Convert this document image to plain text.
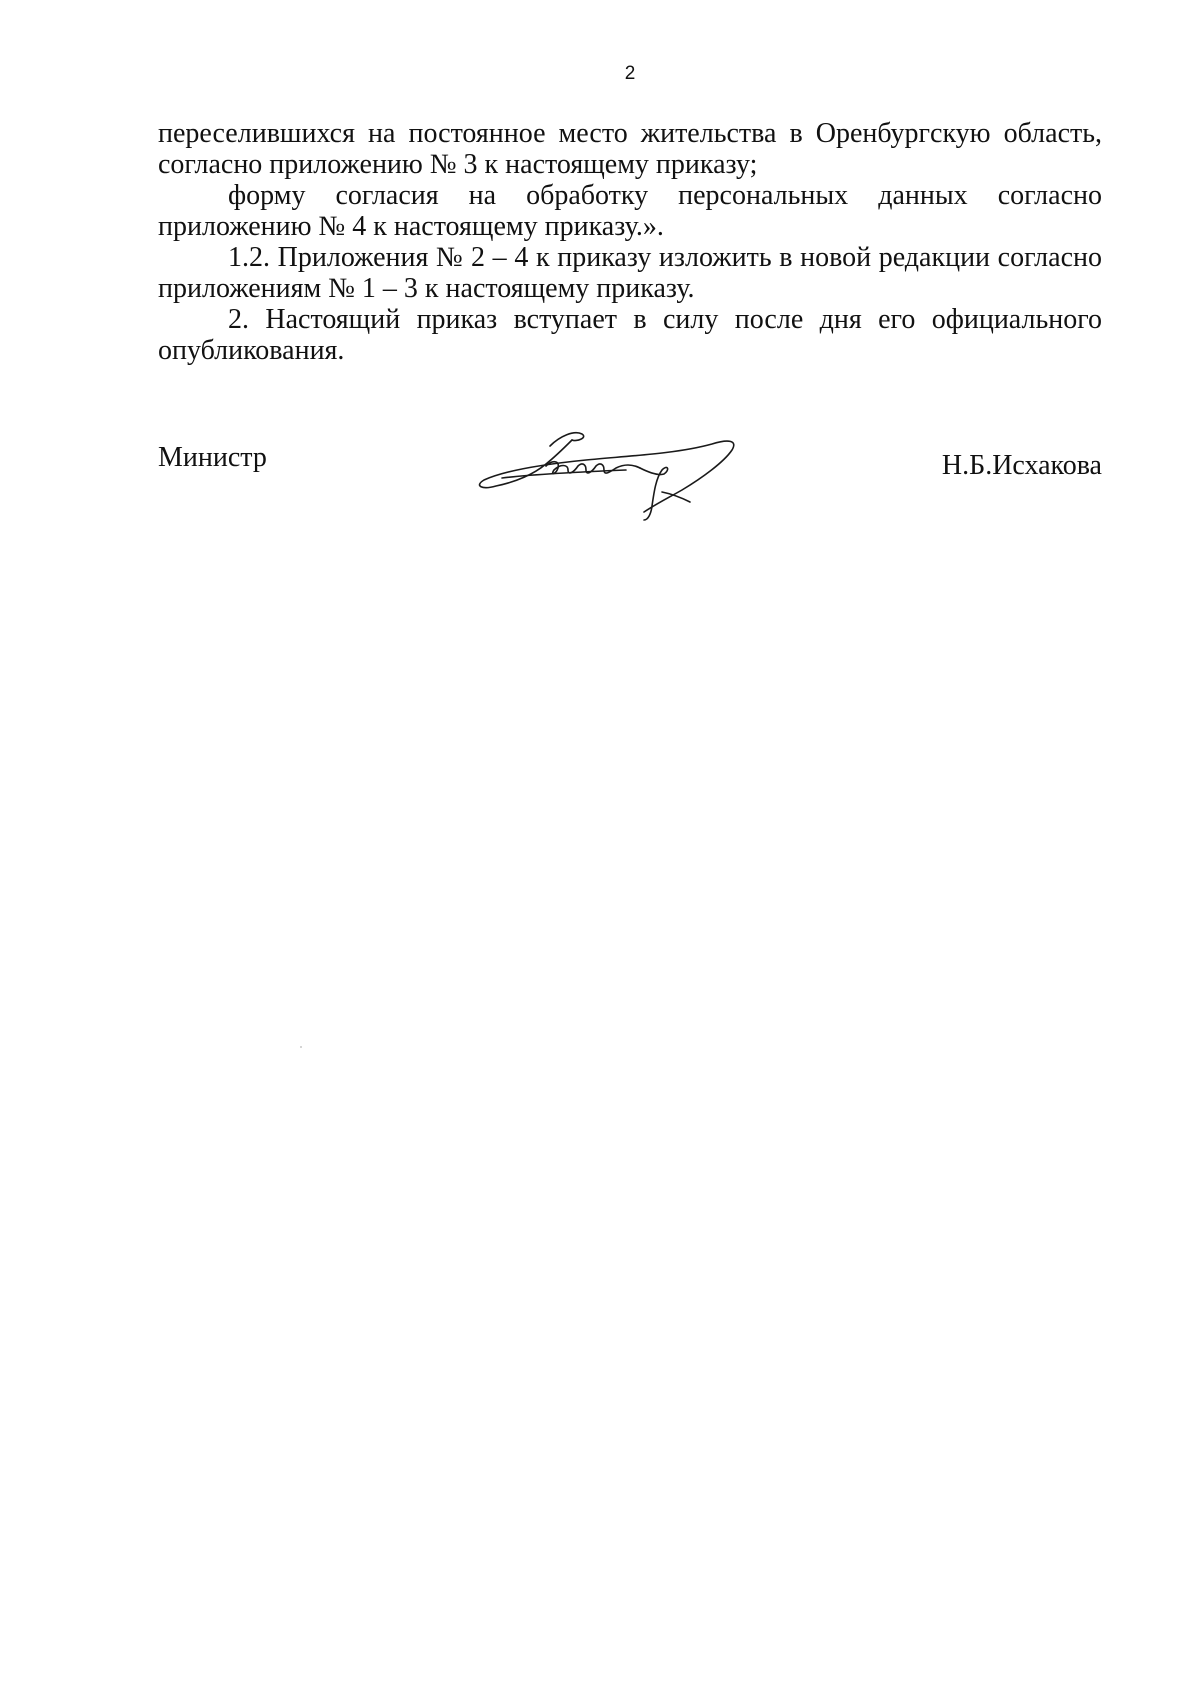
2

переселившихся на постоянное место жительства в Оренбургскую область, согласно приложению № 3 к настоящему приказу;

форму согласия на обработку персональных данных согласно приложению № 4 к настоящему приказу.».

1.2. Приложения № 2 – 4 к приказу изложить в новой редакции согласно приложениям № 1 – 3 к настоящему приказу.

2. Настоящий приказ вступает в силу после дня его официального опубликования.

Министр	Н.Б.Исхакова
